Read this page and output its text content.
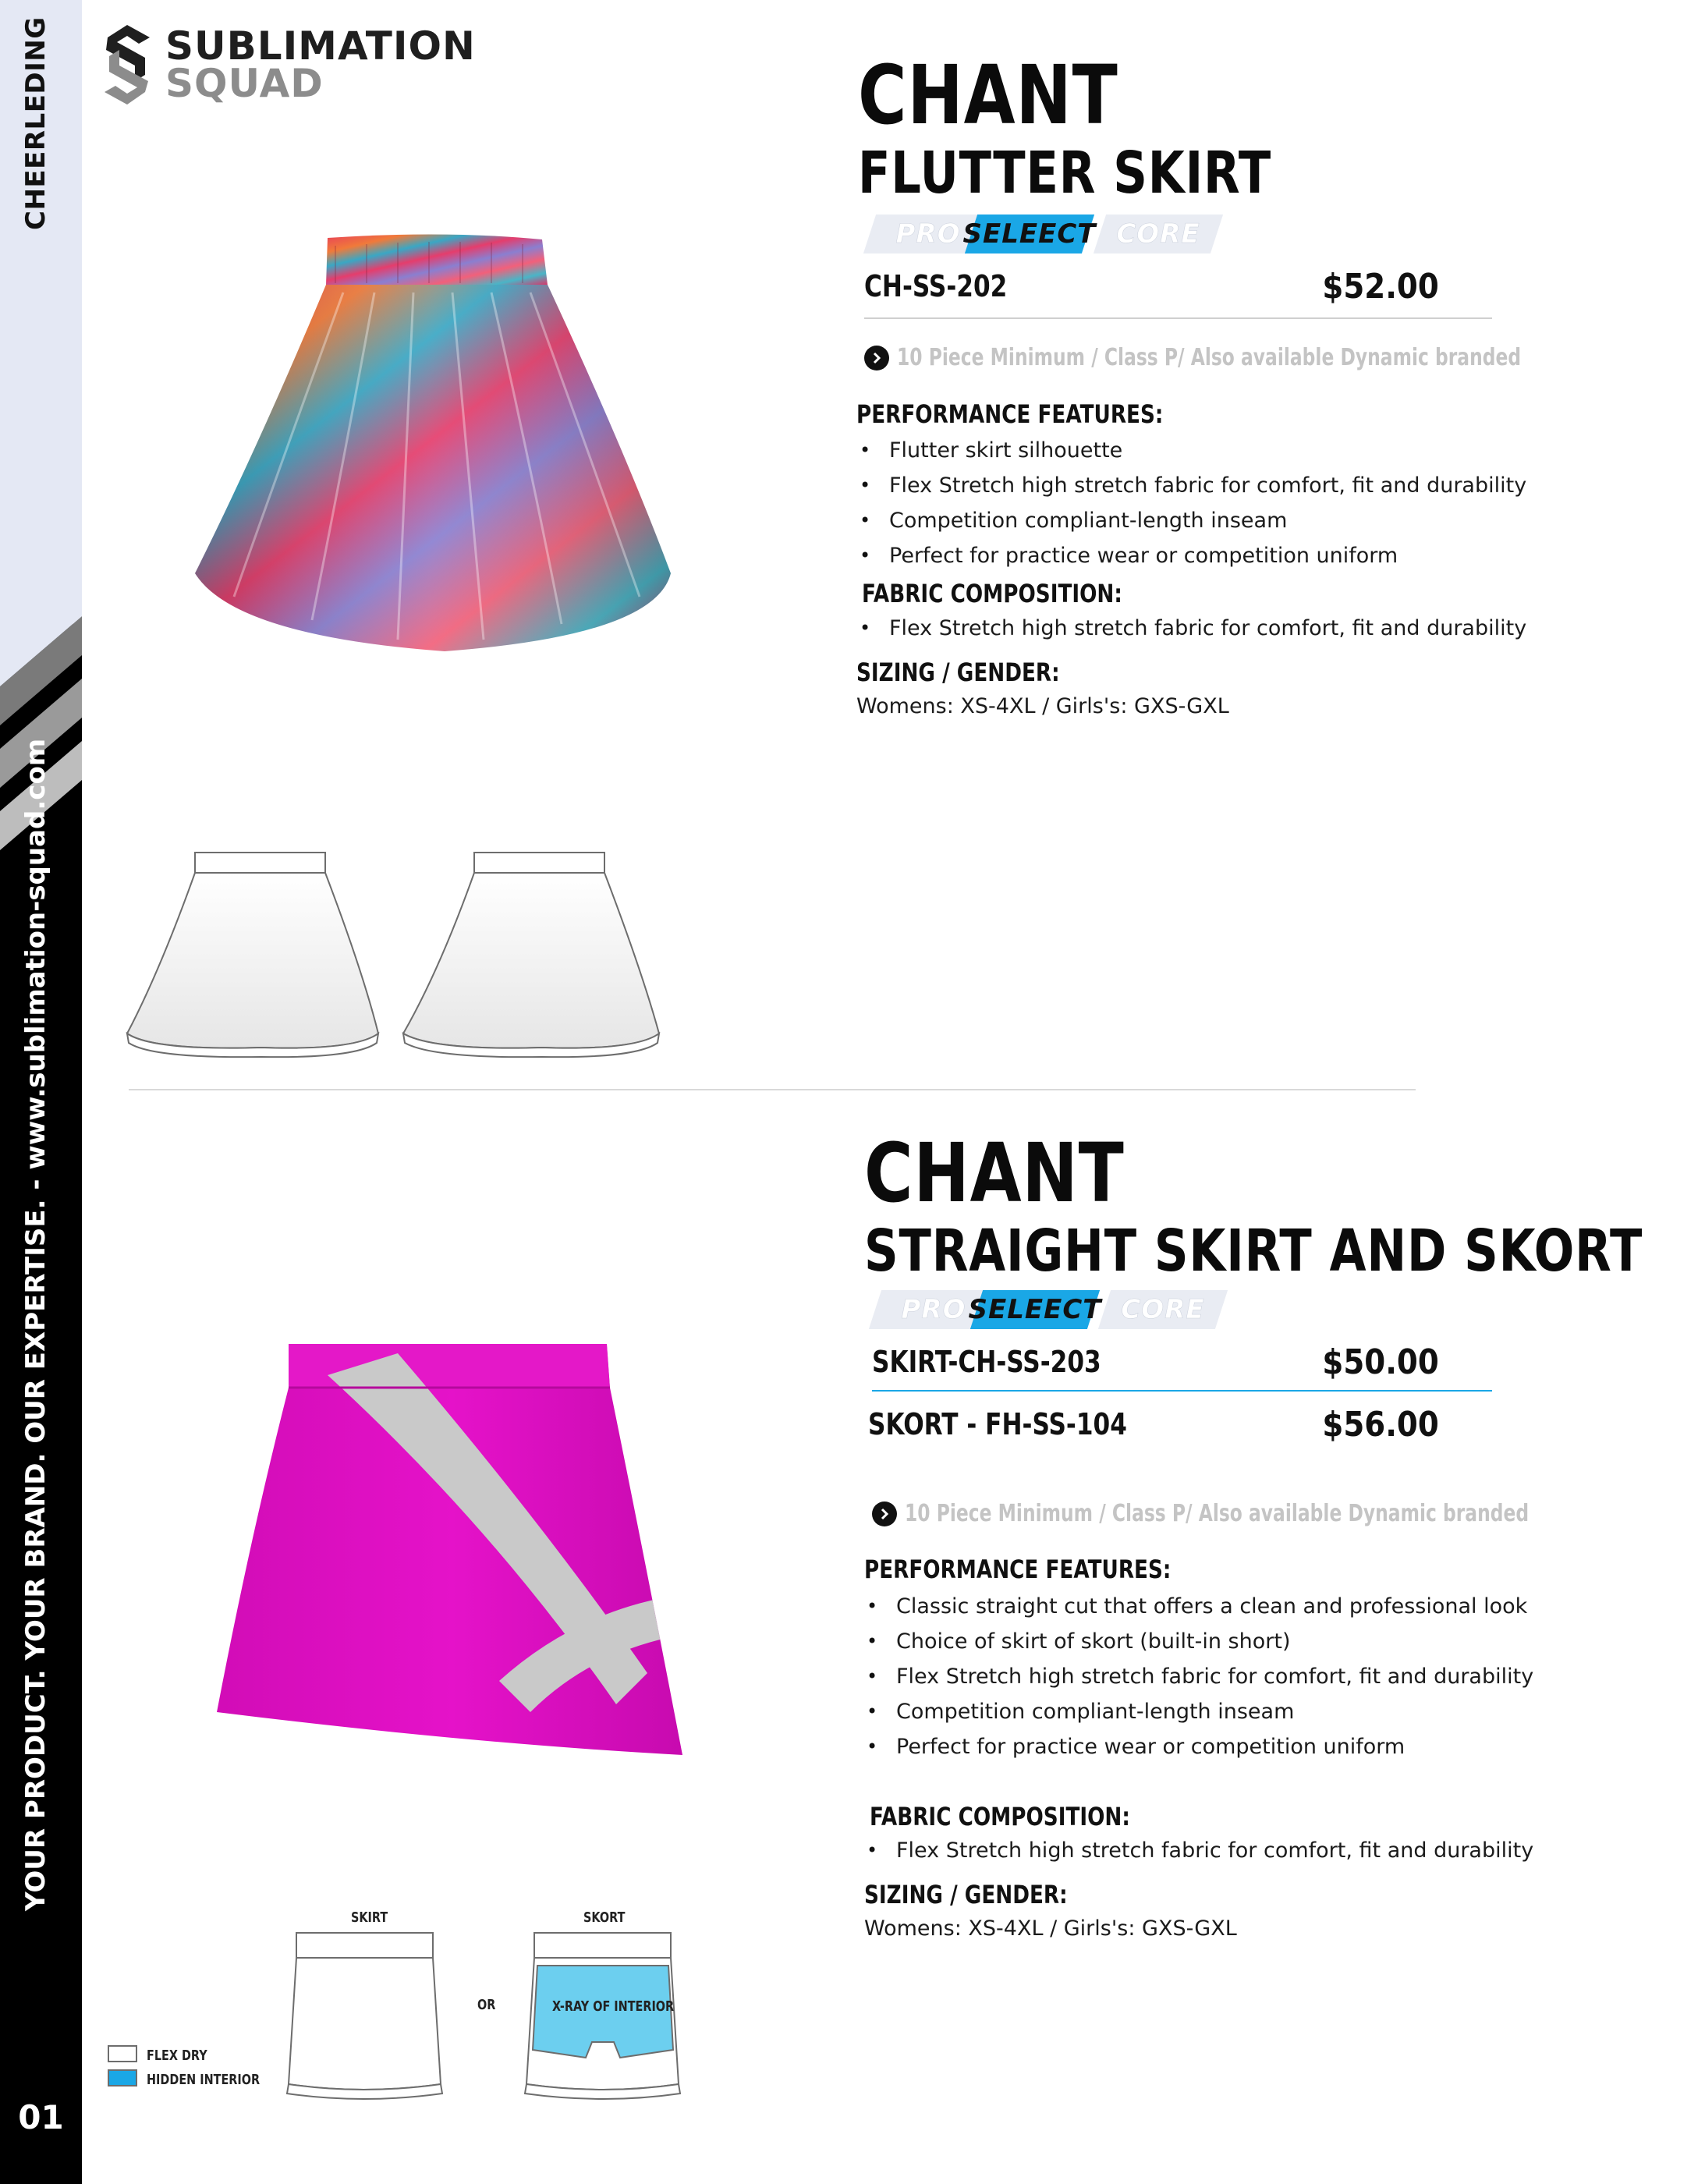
CHEERLEDING
YOUR PRODUCT. YOUR BRAND. OUR EXPERTISE. - www.sublimation-squad.com
01
SUBLIMATION
SQUAD	CHANT
FLUTTER SKIRT
PRO SELEECT CORE
CH-SS-202	$52.00
10 Piece Minimum / Class P/ Also available Dynamic branded
PERFORMANCE FEATURES:
• Flutter skirt silhouette
• Flex Stretch high stretch fabric for comfort, fit and durability
• Competition compliant-length inseam
• Perfect for practice wear or competition uniform
FABRIC COMPOSITION:
• Flex Stretch high stretch fabric for comfort, fit and durability
SIZING / GENDER:
Womens: XS-4XL / Girls's: GXS-GXL
SKIRT	SKORT
OR	X-RAY OF INTERIOR
FLEX DRY
HIDDEN INTERIOR
CHANT
STRAIGHT SKIRT AND SKORT
PRO SELEECT CORE
SKIRT-CH-SS-203	$50.00
SKORT - FH-SS-104	$56.00
10 Piece Minimum / Class P/ Also available Dynamic branded
PERFORMANCE FEATURES:
• Classic straight cut that offers a clean and professional look
• Choice of skirt of skort (built-in short)
• Flex Stretch high stretch fabric for comfort, fit and durability
• Competition compliant-length inseam
• Perfect for practice wear or competition uniform
FABRIC COMPOSITION:
• Flex Stretch high stretch fabric for comfort, fit and durability
SIZING / GENDER:
Womens: XS-4XL / Girls's: GXS-GXL
